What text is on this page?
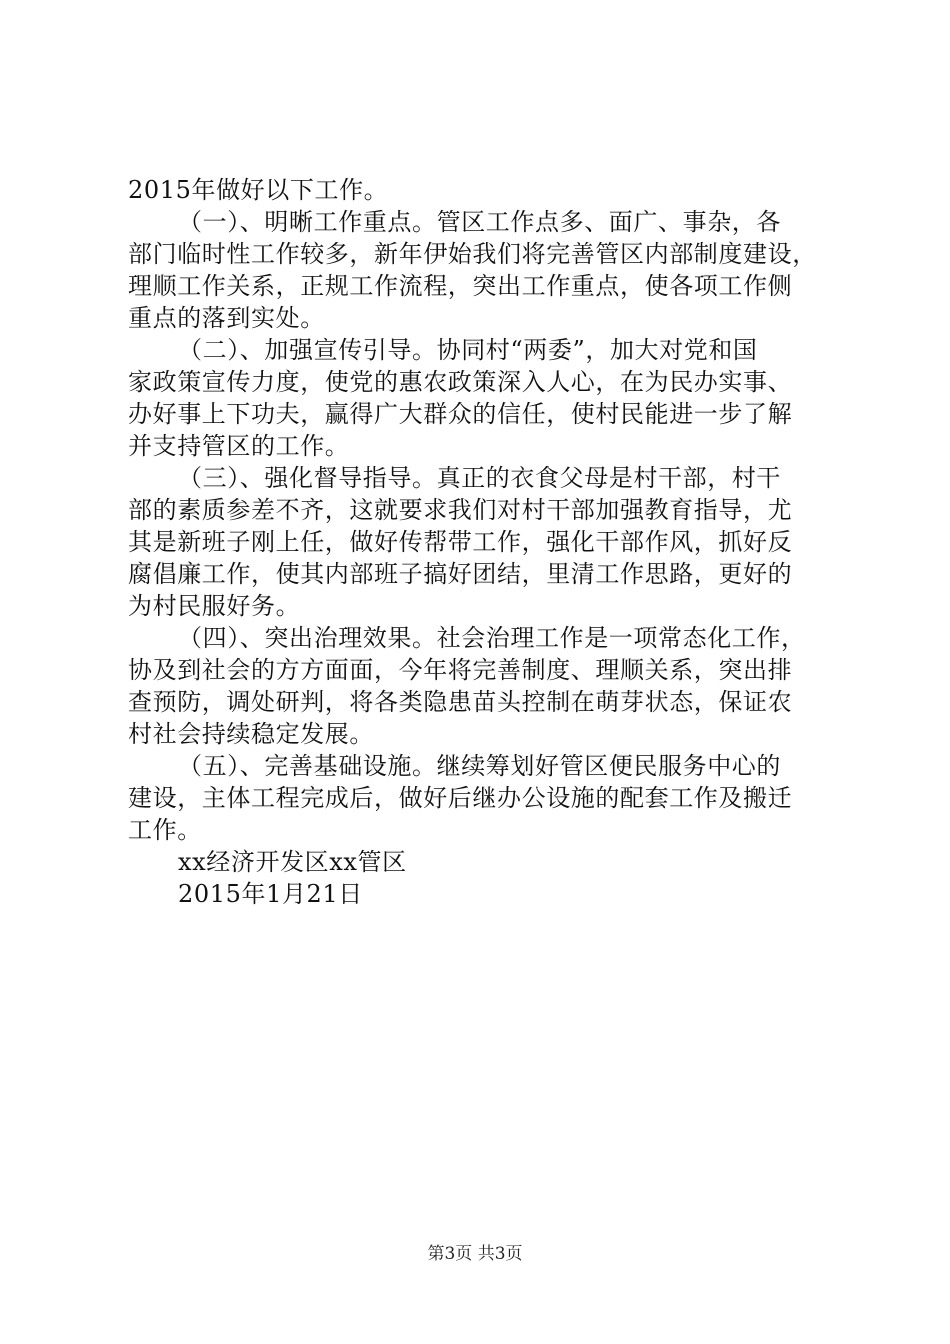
2015年做好以下工作。
（一）、明晰工作重点。管区工作点多、面广、事杂，各
部门临时性工作较多，新年伊始我们将完善管区内部制度建设，
理顺工作关系，正规工作流程，突出工作重点，使各项工作侧
重点的落到实处。
（二）、加强宣传引导。协同村“两委”，加大对党和国
家政策宣传力度，使党的惠农政策深入人心，在为民办实事、
办好事上下功夫，赢得广大群众的信任，使村民能进一步了解
并支持管区的工作。
（三）、强化督导指导。真正的衣食父母是村干部，村干
部的素质参差不齐，这就要求我们对村干部加强教育指导，尤
其是新班子刚上任，做好传帮带工作，强化干部作风，抓好反
腐倡廉工作，使其内部班子搞好团结，里清工作思路，更好的
为村民服好务。
（四）、突出治理效果。社会治理工作是一项常态化工作，
协及到社会的方方面面，今年将完善制度、理顺关系，突出排
查预防，调处研判，将各类隐患苗头控制在萌芽状态，保证农
村社会持续稳定发展。
（五）、完善基础设施。继续筹划好管区便民服务中心的
建设，主体工程完成后，做好后继办公设施的配套工作及搬迁
工作。
xx经济开发区xx管区
2015年1月21日
第3页 共3页
